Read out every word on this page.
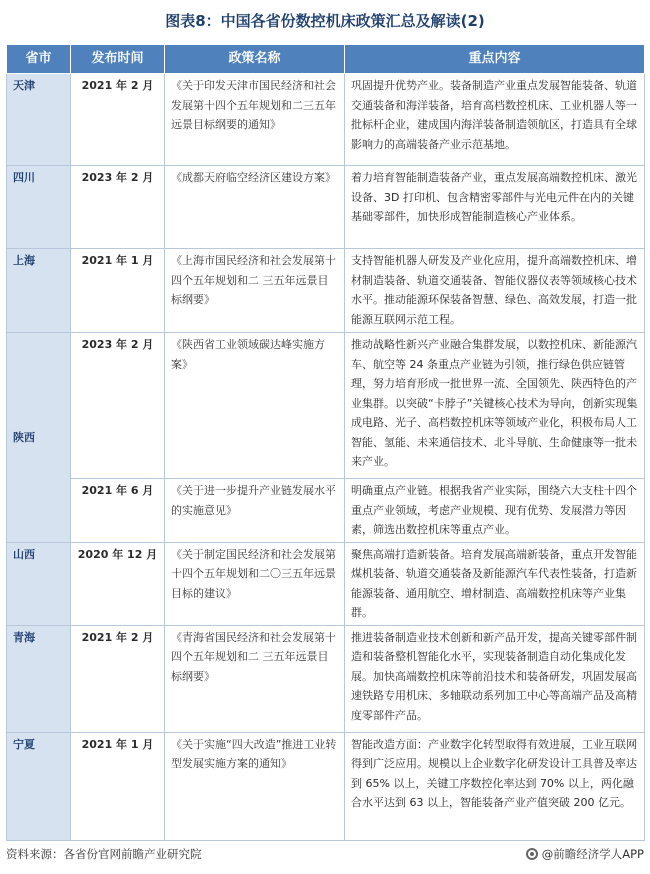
图表8：中国各省份数控机床政策汇总及解读(2)
省市	发布时间	政策名称	重点内容
天津	2021 年 2 月	《关于印发天津市国民经济和社会发展第十四个五年规划和二三五年远景目标纲要的通知》	巩固提升优势产业。装备制造产业重点发展智能装备、轨道交通装备和海洋装备，培育高档数控机床、工业机器人等一批标杆企业，建成国内海洋装备制造领航区，打造具有全球影响力的高端装备产业示范基地。
四川	2023 年 2 月	《成都天府临空经济区建设方案》	着力培育智能制造装备产业，重点发展高端数控机床、激光设备、3D 打印机、包含精密零部件与光电元件在内的关键基础零部件，加快形成智能制造核心产业体系。
上海	2021 年 1 月	《上海市国民经济和社会发展第十四个五年规划和二 三五年远景目标纲要》	支持智能机器人研发及产业化应用，提升高端数控机床、增材制造装备、轨道交通装备、智能仪器仪表等领域核心技术水平。推动能源环保装备智慧、绿色、高效发展，打造一批能源互联网示范工程。
陕西	2023 年 2 月	《陕西省工业领域碳达峰实施方案》	推动战略性新兴产业融合集群发展，以数控机床、新能源汽车、航空等 24 条重点产业链为引领，推行绿色供应链管理，努力培育形成一批世界一流、全国领先、陕西特色的产业集群。以突破“卡脖子”关键核心技术为导向，创新实现集成电路、光子、高档数控机床等领域产业化，积极布局人工智能、氢能、未来通信技术、北斗导航、生命健康等一批未来产业。
	2021 年 6 月	《关于进一步提升产业链发展水平的实施意见》	明确重点产业链。根据我省产业实际，围绕六大支柱十四个重点产业领域，考虑产业规模、现有优势、发展潜力等因素，筛选出数控机床等重点产业。
山西	2020 年 12 月	《关于制定国民经济和社会发展第十四个五年规划和二〇三五年远景目标的建议》	聚焦高端打造新装备。培育发展高端新装备，重点开发智能煤机装备、轨道交通装备及新能源汽车代表性装备，打造新能源装备、通用航空、增材制造、高端数控机床等产业集群。
青海	2021 年 2 月	《青海省国民经济和社会发展第十四个五年规划和二 三五年远景目标纲要》	推进装备制造业技术创新和新产品开发，提高关键零部件制造和装备整机智能化水平，实现装备制造自动化集成化发展。加快高端数控机床等前沿技术和装备研发，巩固发展高速铁路专用机床、多轴联动系列加工中心等高端产品及高精度零部件产品。
宁夏	2021 年 1 月	《关于实施“四大改造”推进工业转型发展实施方案的通知》	智能改造方面：产业数字化转型取得有效进展，工业互联网得到广泛应用。规模以上企业数字化研发设计工具普及率达到 65% 以上，关键工序数控化率达到 70% 以上，两化融合水平达到 63 以上，智能装备产业产值突破 200 亿元。
资料来源：各省份官网前瞻产业研究院	@前瞻经济学人APP
